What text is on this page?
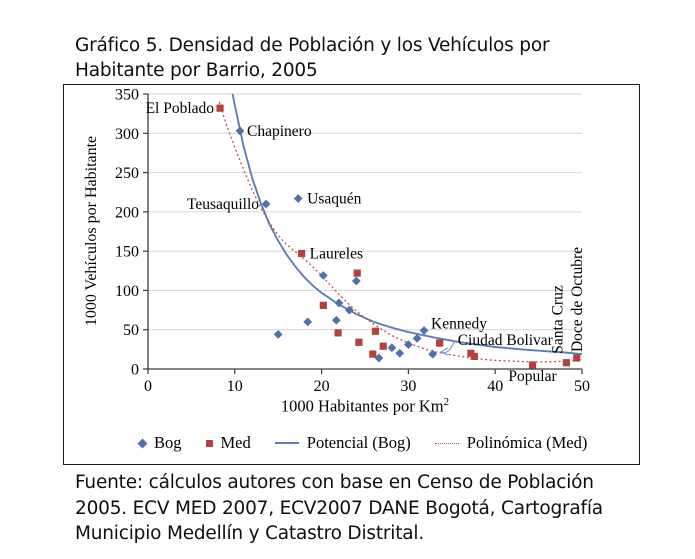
Gráfico 5. Densidad de Población y los Vehículos por
Habitante por Barrio, 2005
0	10	20	30	40	50
0
50
100
150
200
250
300
350
El Poblado
Chapinero
Teusaquillo	Usaquén
Laureles
Kennedy
Ciudad Bolivar
Popular
Santa Cruz Doce de Octubre
1000 Vehículos por Habitante
1000 Habitantes por Km$^2$
Bog Med	Potencial (Bog)	Polinómica (Med)
Fuente: cálculos autores con base en Censo de Población
2005. ECV MED 2007, ECV2007 DANE Bogotá, Cartografía
Municipio Medellín y Catastro Distrital.
